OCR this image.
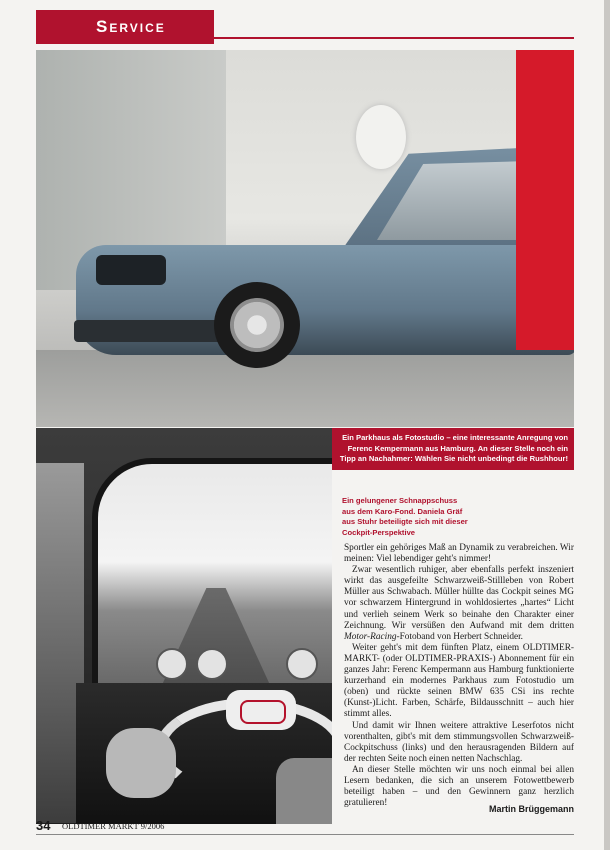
Service
Ein Parkhaus als Fotostudio – eine interessante Anregung von Ferenc Kempermann aus Hamburg. An dieser Stelle noch ein Tipp an Nachahmer: Wählen Sie nicht unbedingt die Rushhour!
Ein gelungener Schnappschuss aus dem Karo-Fond. Daniela Gräf aus Stuhr beteiligte sich mit dieser Cockpit-Perspektive

Sportler ein gehöriges Maß an Dynamik zu verabreichen. Wir meinen: Viel lebendiger geht's nimmer!

Zwar wesentlich ruhiger, aber ebenfalls perfekt inszeniert wirkt das ausgefeilte Schwarzweiß-Stillleben von Robert Müller aus Schwabach. Müller hüllte das Cockpit seines MG vor schwarzem Hintergrund in wohldosiertes „hartes“ Licht und verlieh seinem Werk so beinahe den Charakter einer Zeichnung. Wir versüßen den Aufwand mit dem dritten Motor-Racing-Fotoband von Herbert Schneider.

Weiter geht's mit dem fünften Platz, einem OLDTIMER-MARKT- (oder OLDTIMER-PRAXIS-) Abonnement für ein ganzes Jahr: Ferenc Kempermann aus Hamburg funktionierte kurzerhand ein modernes Parkhaus zum Fotostudio um (oben) und rückte seinen BMW 635 CSi ins rechte (Kunst-)Licht. Farben, Schärfe, Bildausschnitt – auch hier stimmt alles.

Und damit wir Ihnen weitere attraktive Leserfotos nicht vorenthalten, gibt's mit dem stimmungsvollen Schwarzweiß-Cockpitschuss (links) und den herausragenden Bildern auf der rechten Seite noch einen netten Nachschlag.

An dieser Stelle möchten wir uns noch einmal bei allen Lesern bedanken, die sich an unserem Fotowettbewerb beteiligt haben – und den Gewinnern ganz herzlich gratulieren!

Martin Brüggemann
34 OLDTIMER MARKT 9/2006
